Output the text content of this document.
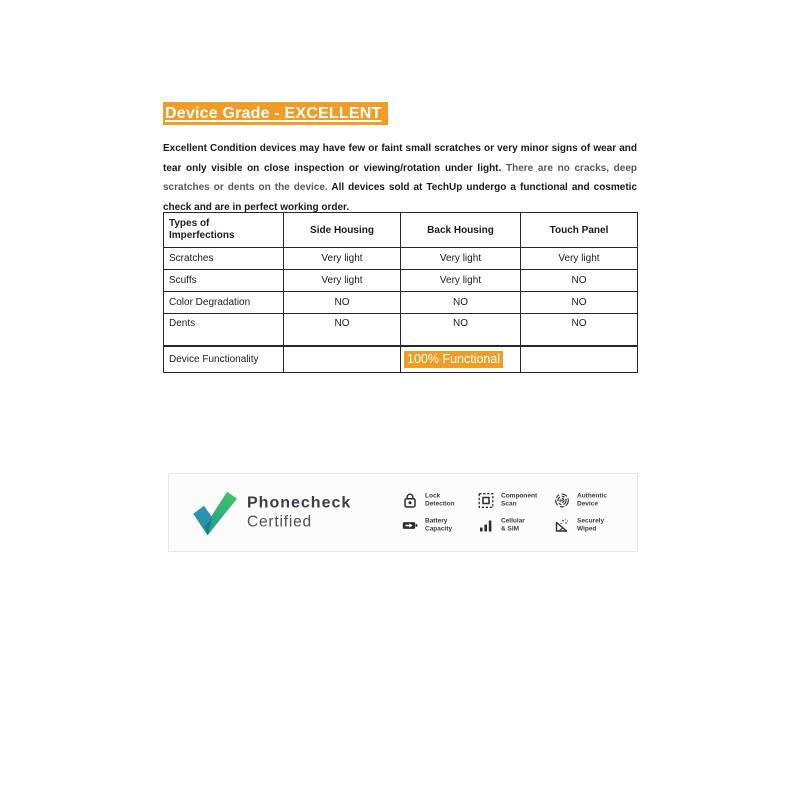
Device Grade - EXCELLENT

Excellent Condition devices may have few or faint small scratches or very minor signs of wear and tear only visible on close inspection or viewing/rotation under light. There are no cracks, deep scratches or dents on the device. All devices sold at TechUp undergo a functional and cosmetic check and are in perfect working order.

Types of Imperfections	Side Housing	Back Housing	Touch Panel
Scratches	Very light	Very light	Very light
Scuffs	Very light	Very light	NO
Color Degradation	NO	NO	NO
Dents	NO	NO	NO
Device Functionality		100% Functional	
Phonecheck
Certified
Lock
Detection
Component
Scan
Authentic
Device
Battery
Capacity
Cellular
& SIM
Securely
Wiped
